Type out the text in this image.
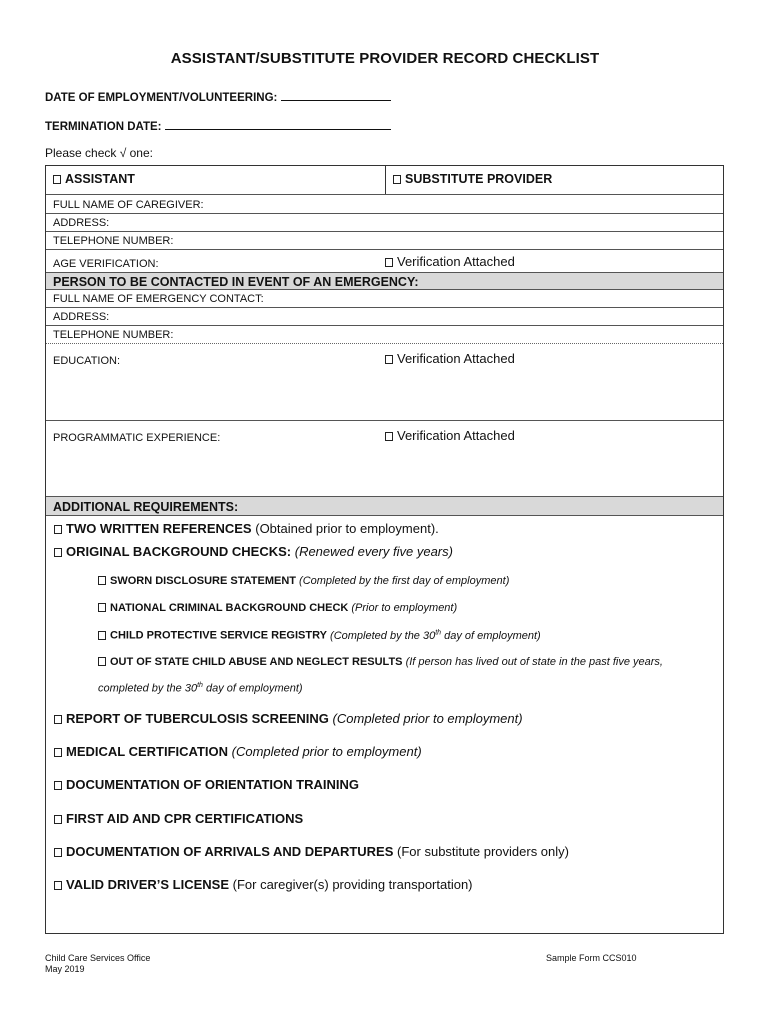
ASSISTANT/SUBSTITUTE PROVIDER RECORD CHECKLIST
DATE OF EMPLOYMENT/VOLUNTEERING:
TERMINATION DATE:
Please check √ one:
ASSISTANT	SUBSTITUTE PROVIDER
FULL NAME OF CAREGIVER:
ADDRESS:
TELEPHONE NUMBER:
AGE VERIFICATION:	Verification Attached
PERSON TO BE CONTACTED IN EVENT OF AN EMERGENCY:
FULL NAME OF EMERGENCY CONTACT:
ADDRESS:
TELEPHONE NUMBER:
EDUCATION:	Verification Attached
PROGRAMMATIC EXPERIENCE:	Verification Attached
ADDITIONAL REQUIREMENTS:
TWO WRITTEN REFERENCES (Obtained prior to employment).
ORIGINAL BACKGROUND CHECKS: (Renewed every five years)
SWORN DISCLOSURE STATEMENT (Completed by the first day of employment)
NATIONAL CRIMINAL BACKGROUND CHECK (Prior to employment)
CHILD PROTECTIVE SERVICE REGISTRY (Completed by the 30th day of employment)
OUT OF STATE CHILD ABUSE AND NEGLECT RESULTS (If person has lived out of state in the past five years,
completed by the 30th day of employment)
REPORT OF TUBERCULOSIS SCREENING (Completed prior to employment)
MEDICAL CERTIFICATION (Completed prior to employment)
DOCUMENTATION OF ORIENTATION TRAINING
FIRST AID AND CPR CERTIFICATIONS
DOCUMENTATION OF ARRIVALS AND DEPARTURES (For substitute providers only)
VALID DRIVER’S LICENSE (For caregiver(s) providing transportation)
Child Care Services Office
May 2019
Sample Form CCS010
